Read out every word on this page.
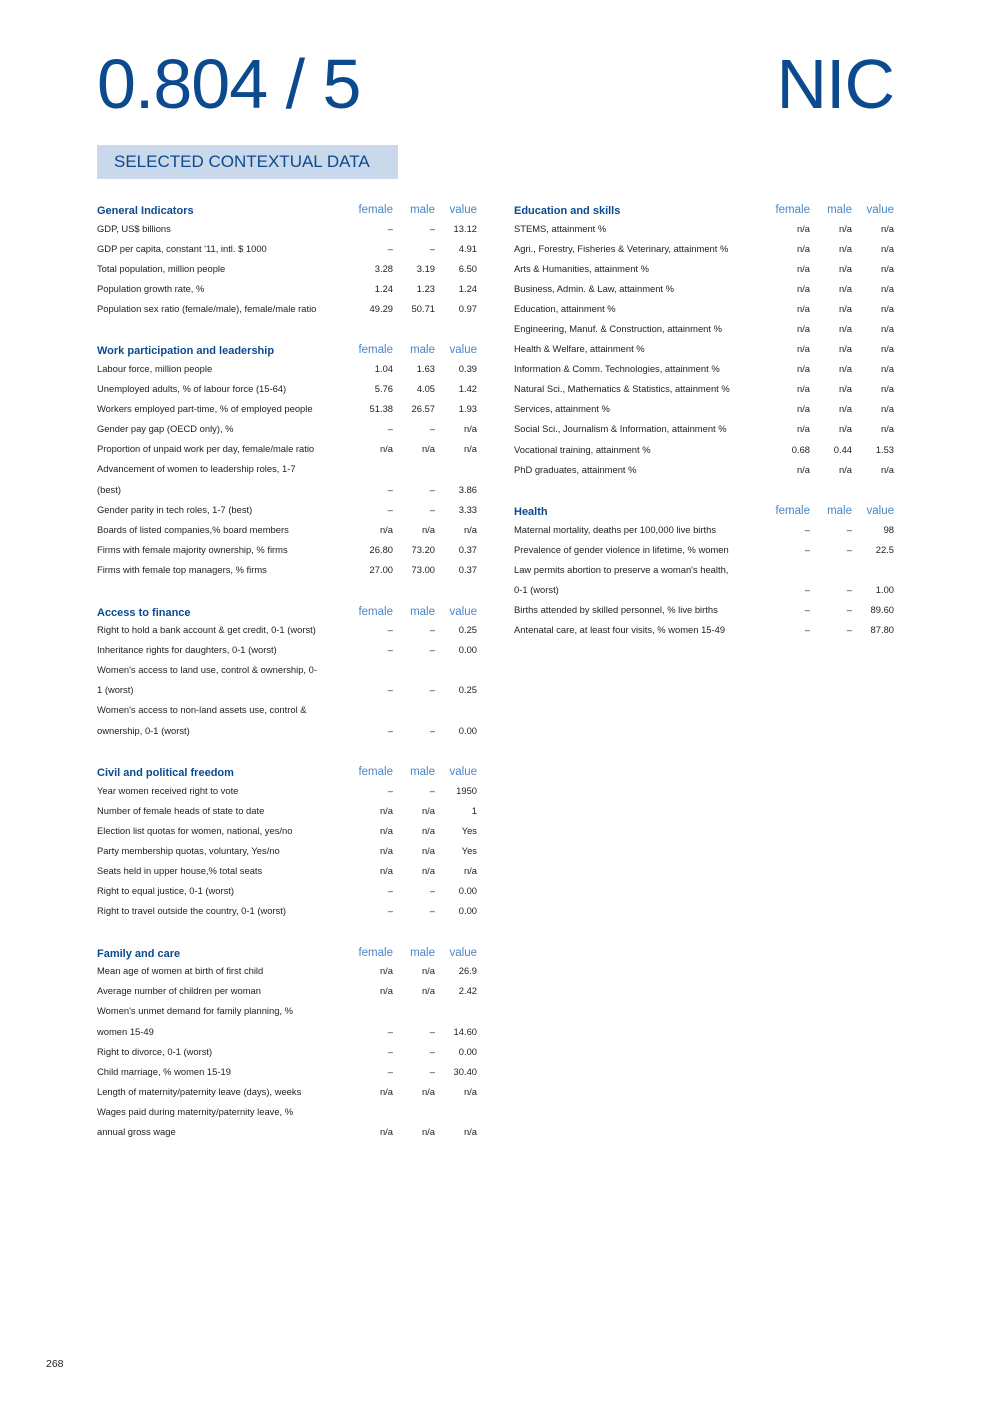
0.804 / 5	NIC
SELECTED CONTEXTUAL DATA
General Indicators	female	male	value
GDP, US$ billions	–	–	13.12
GDP per capita, constant '11, intl. $ 1000	–	–	4.91
Total population, million people	3.28	3.19	6.50
Population growth rate, %	1.24	1.23	1.24
Population sex ratio (female/male), female/male ratio	49.29	50.71	0.97
Work participation and leadership	female	male	value
Labour force, million people	1.04	1.63	0.39
Unemployed adults, % of labour force (15-64)	5.76	4.05	1.42
Workers employed part-time, % of employed people	51.38	26.57	1.93
Gender pay gap (OECD only), %	–	–	n/a
Proportion of unpaid work per day, female/male ratio	n/a	n/a	n/a
Advancement of women to leadership roles, 1-7
(best)	–	–	3.86
Gender parity in tech roles, 1-7 (best)	–	–	3.33
Boards of listed companies,% board members	n/a	n/a	n/a
Firms with female majority ownership, % firms	26.80	73.20	0.37
Firms with female top managers, % firms	27.00	73.00	0.37
Access to finance	female	male	value
Right to hold a bank account & get credit, 0-1 (worst)	–	–	0.25
Inheritance rights for daughters, 0-1 (worst)	–	–	0.00
Women's access to land use, control & ownership, 0-
1 (worst)	–	–	0.25
Women's access to non-land assets use, control &
ownership, 0-1 (worst)	–	–	0.00
Civil and political freedom	female	male	value
Year women received right to vote	–	–	1950
Number of female heads of state to date	n/a	n/a	1
Election list quotas for women, national, yes/no	n/a	n/a	Yes
Party membership quotas, voluntary, Yes/no	n/a	n/a	Yes
Seats held in upper house,% total seats	n/a	n/a	n/a
Right to equal justice, 0-1 (worst)	–	–	0.00
Right to travel outside the country, 0-1 (worst)	–	–	0.00
Family and care	female	male	value
Mean age of women at birth of first child	n/a	n/a	26.9
Average number of children per woman	n/a	n/a	2.42
Women's unmet demand for family planning, %
women 15-49	–	–	14.60
Right to divorce, 0-1 (worst)	–	–	0.00
Child marriage, % women 15-19	–	–	30.40
Length of maternity/paternity leave (days), weeks	n/a	n/a	n/a
Wages paid during maternity/paternity leave, %
annual gross wage	n/a	n/a	n/a
Education and skills	female	male	value
STEMS, attainment %	n/a	n/a	n/a
Agri., Forestry, Fisheries & Veterinary, attainment %	n/a	n/a	n/a
Arts & Humanities, attainment %	n/a	n/a	n/a
Business, Admin. & Law, attainment %	n/a	n/a	n/a
Education, attainment %	n/a	n/a	n/a
Engineering, Manuf. & Construction, attainment %	n/a	n/a	n/a
Health & Welfare, attainment %	n/a	n/a	n/a
Information & Comm. Technologies, attainment %	n/a	n/a	n/a
Natural Sci., Mathematics & Statistics, attainment %	n/a	n/a	n/a
Services, attainment %	n/a	n/a	n/a
Social Sci., Journalism & Information, attainment %	n/a	n/a	n/a
Vocational training, attainment %	0.68	0.44	1.53
PhD graduates, attainment %	n/a	n/a	n/a
Health	female	male	value
Maternal mortality, deaths per 100,000 live births	–	–	98
Prevalence of gender violence in lifetime, % women	–	–	22.5
Law permits abortion to preserve a woman's health,
0-1 (worst)	–	–	1.00
Births attended by skilled personnel, % live births	–	–	89.60
Antenatal care, at least four visits, % women 15-49	–	–	87.80
268
